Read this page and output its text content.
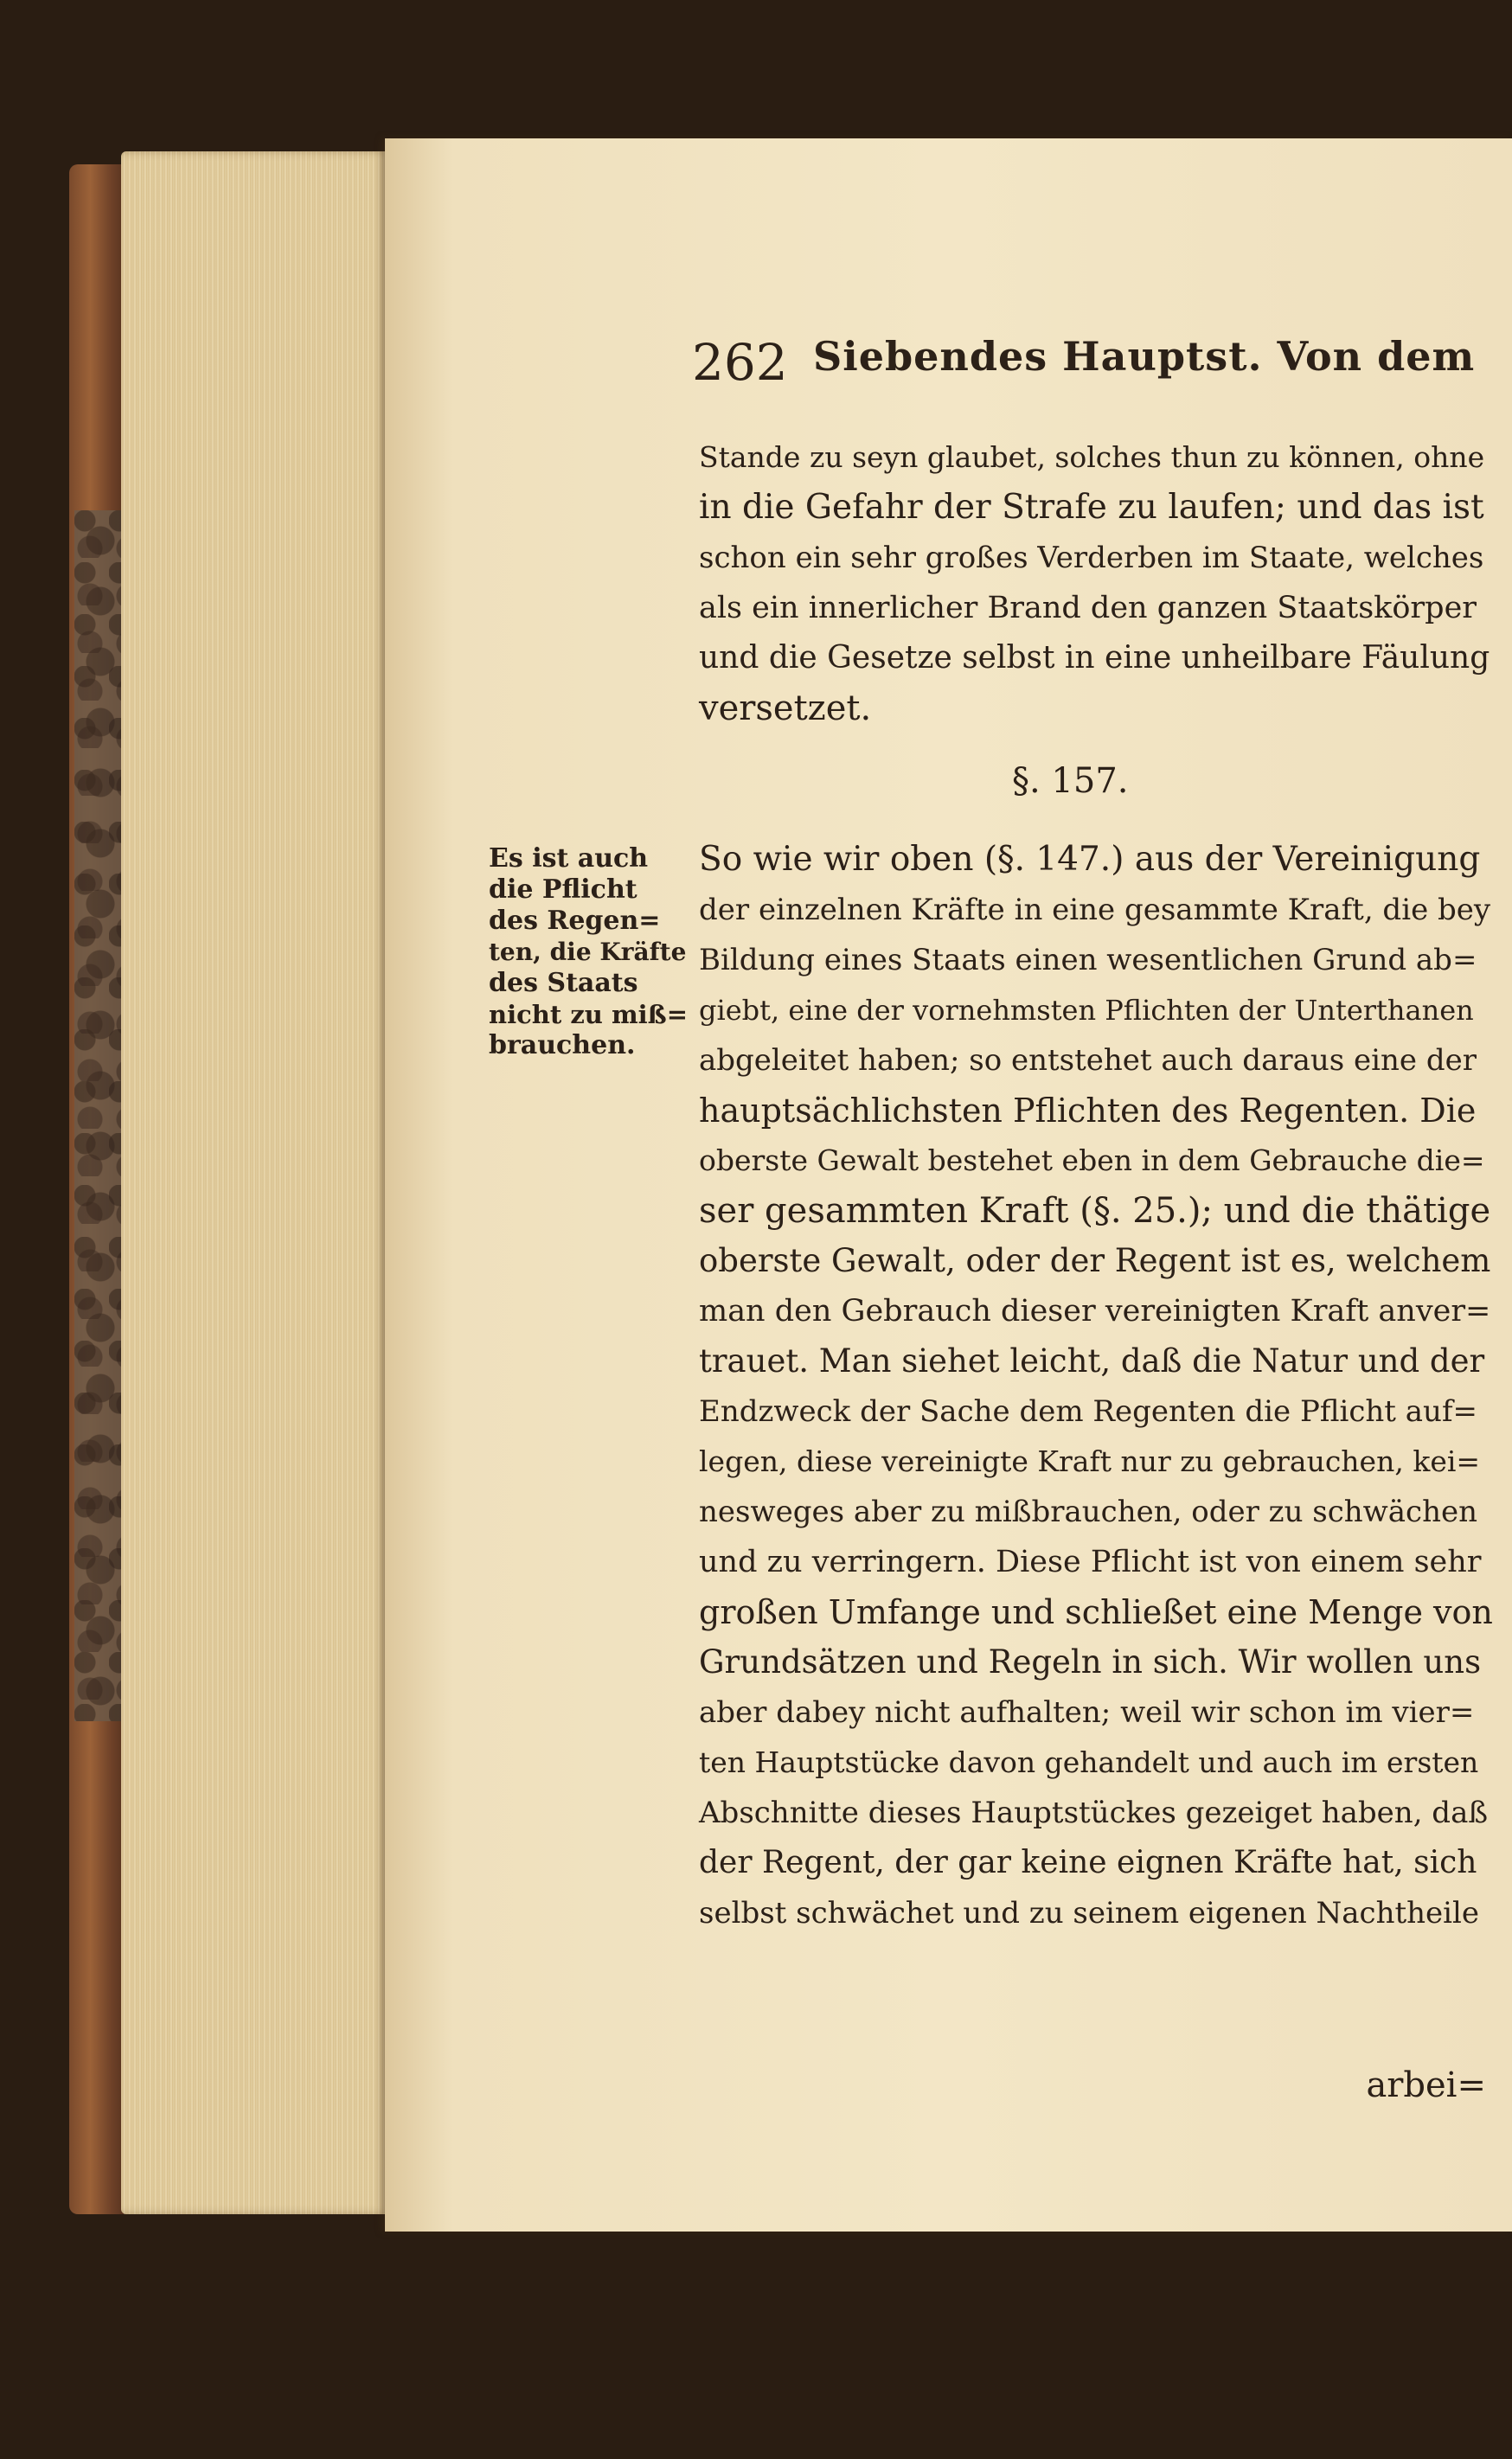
262 Siebendes Hauptst. Von dem
Stande zu seyn glaubet, solches thun zu können, ohne
in die Gefahr der Strafe zu laufen; und das ist
schon ein sehr großes Verderben im Staate, welches
als ein innerlicher Brand den ganzen Staatskörper
und die Gesetze selbst in eine unheilbare Fäulung
versetzet.
§. 157.
Es ist auch
die Pflicht
des Regen=
ten, die Kräfte
des Staats
nicht zu miß=
brauchen.
So wie wir oben (§. 147.) aus der Vereinigung
der einzelnen Kräfte in eine gesammte Kraft, die bey
Bildung eines Staats einen wesentlichen Grund ab=
giebt, eine der vornehmsten Pflichten der Unterthanen
abgeleitet haben; so entstehet auch daraus eine der
hauptsächlichsten Pflichten des Regenten. Die
oberste Gewalt bestehet eben in dem Gebrauche die=
ser gesammten Kraft (§. 25.); und die thätige
oberste Gewalt, oder der Regent ist es, welchem
man den Gebrauch dieser vereinigten Kraft anver=
trauet. Man siehet leicht, daß die Natur und der
Endzweck der Sache dem Regenten die Pflicht auf=
legen, diese vereinigte Kraft nur zu gebrauchen, kei=
nesweges aber zu mißbrauchen, oder zu schwächen
und zu verringern. Diese Pflicht ist von einem sehr
großen Umfange und schließet eine Menge von
Grundsätzen und Regeln in sich. Wir wollen uns
aber dabey nicht aufhalten; weil wir schon im vier=
ten Hauptstücke davon gehandelt und auch im ersten
Abschnitte dieses Hauptstückes gezeiget haben, daß
der Regent, der gar keine eignen Kräfte hat, sich
selbst schwächet und zu seinem eigenen Nachtheile
arbei=
